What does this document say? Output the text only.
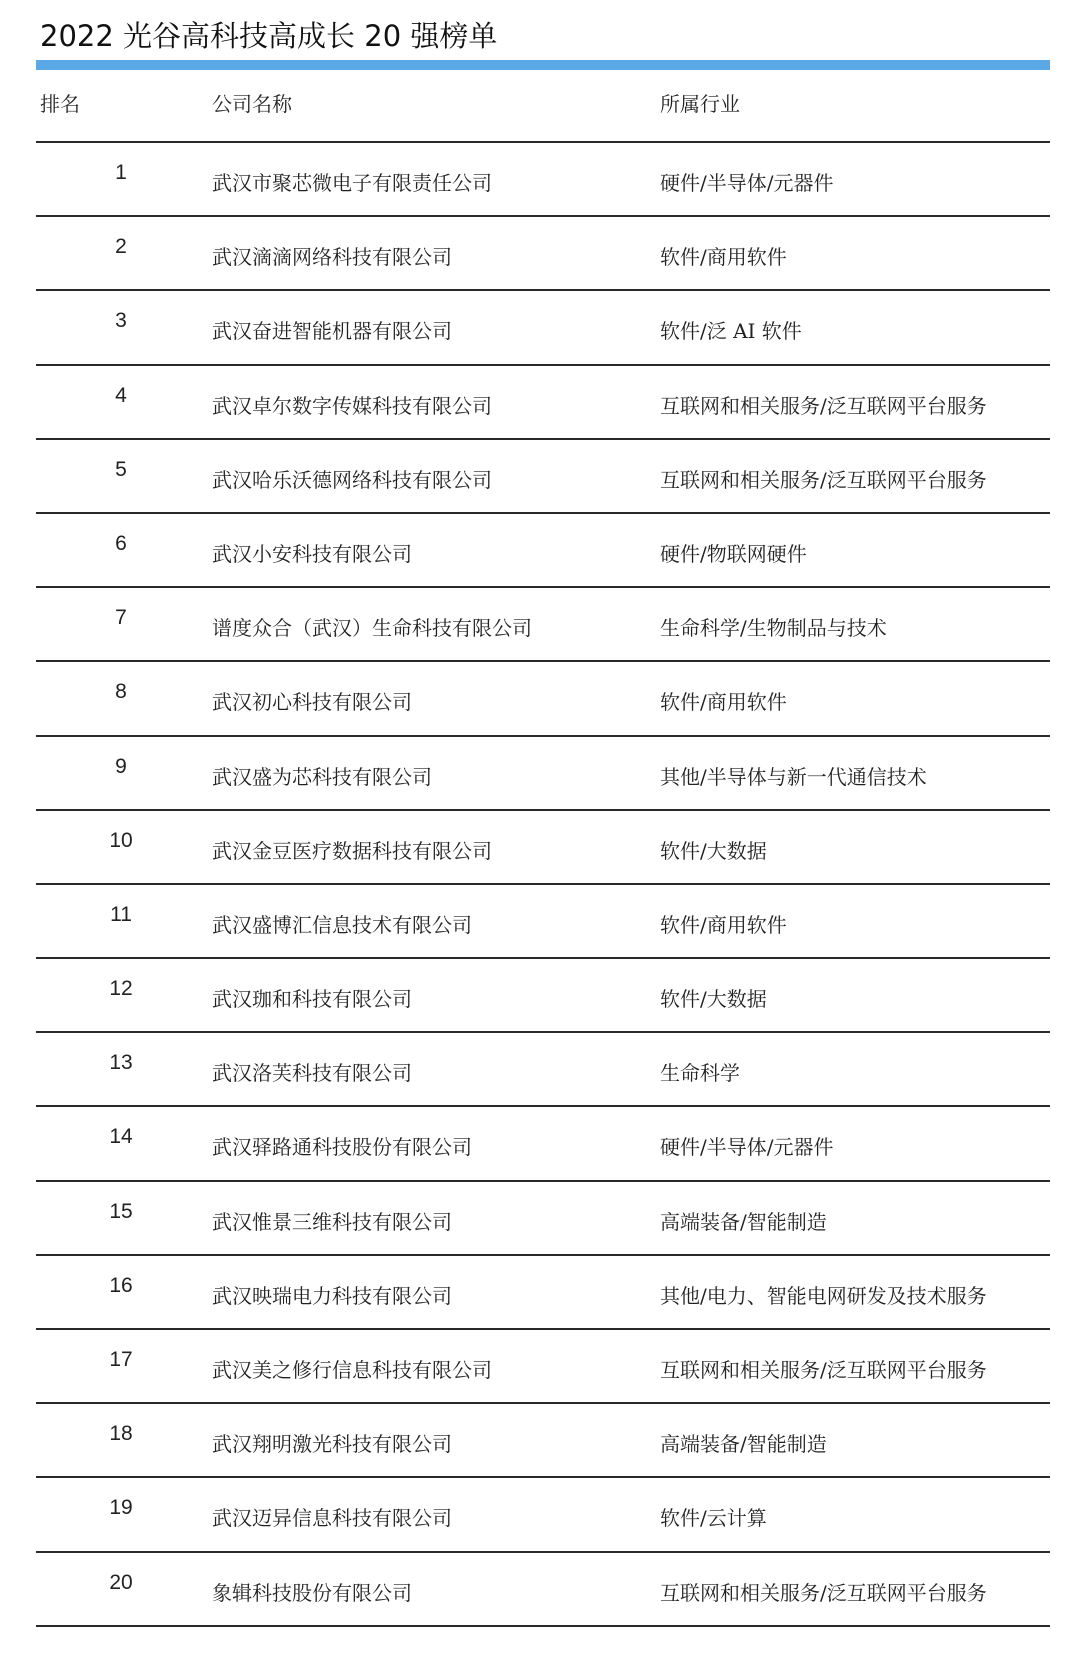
2022 光谷高科技高成长 20 强榜单
排名	公司名称	所属行业
1	武汉市聚芯微电子有限责任公司	硬件/半导体/元器件
2	武汉滴滴网络科技有限公司	软件/商用软件
3	武汉奋进智能机器有限公司	软件/泛 AI 软件
4	武汉卓尔数字传媒科技有限公司	互联网和相关服务/泛互联网平台服务
5	武汉哈乐沃德网络科技有限公司	互联网和相关服务/泛互联网平台服务
6	武汉小安科技有限公司	硬件/物联网硬件
7	谱度众合（武汉）生命科技有限公司	生命科学/生物制品与技术
8	武汉初心科技有限公司	软件/商用软件
9	武汉盛为芯科技有限公司	其他/半导体与新一代通信技术
10	武汉金豆医疗数据科技有限公司	软件/大数据
11	武汉盛博汇信息技术有限公司	软件/商用软件
12	武汉珈和科技有限公司	软件/大数据
13	武汉洛芙科技有限公司	生命科学
14	武汉驿路通科技股份有限公司	硬件/半导体/元器件
15	武汉惟景三维科技有限公司	高端装备/智能制造
16	武汉映瑞电力科技有限公司	其他/电力、智能电网研发及技术服务
17	武汉美之修行信息科技有限公司	互联网和相关服务/泛互联网平台服务
18	武汉翔明激光科技有限公司	高端装备/智能制造
19	武汉迈异信息科技有限公司	软件/云计算
20	象辑科技股份有限公司	互联网和相关服务/泛互联网平台服务
